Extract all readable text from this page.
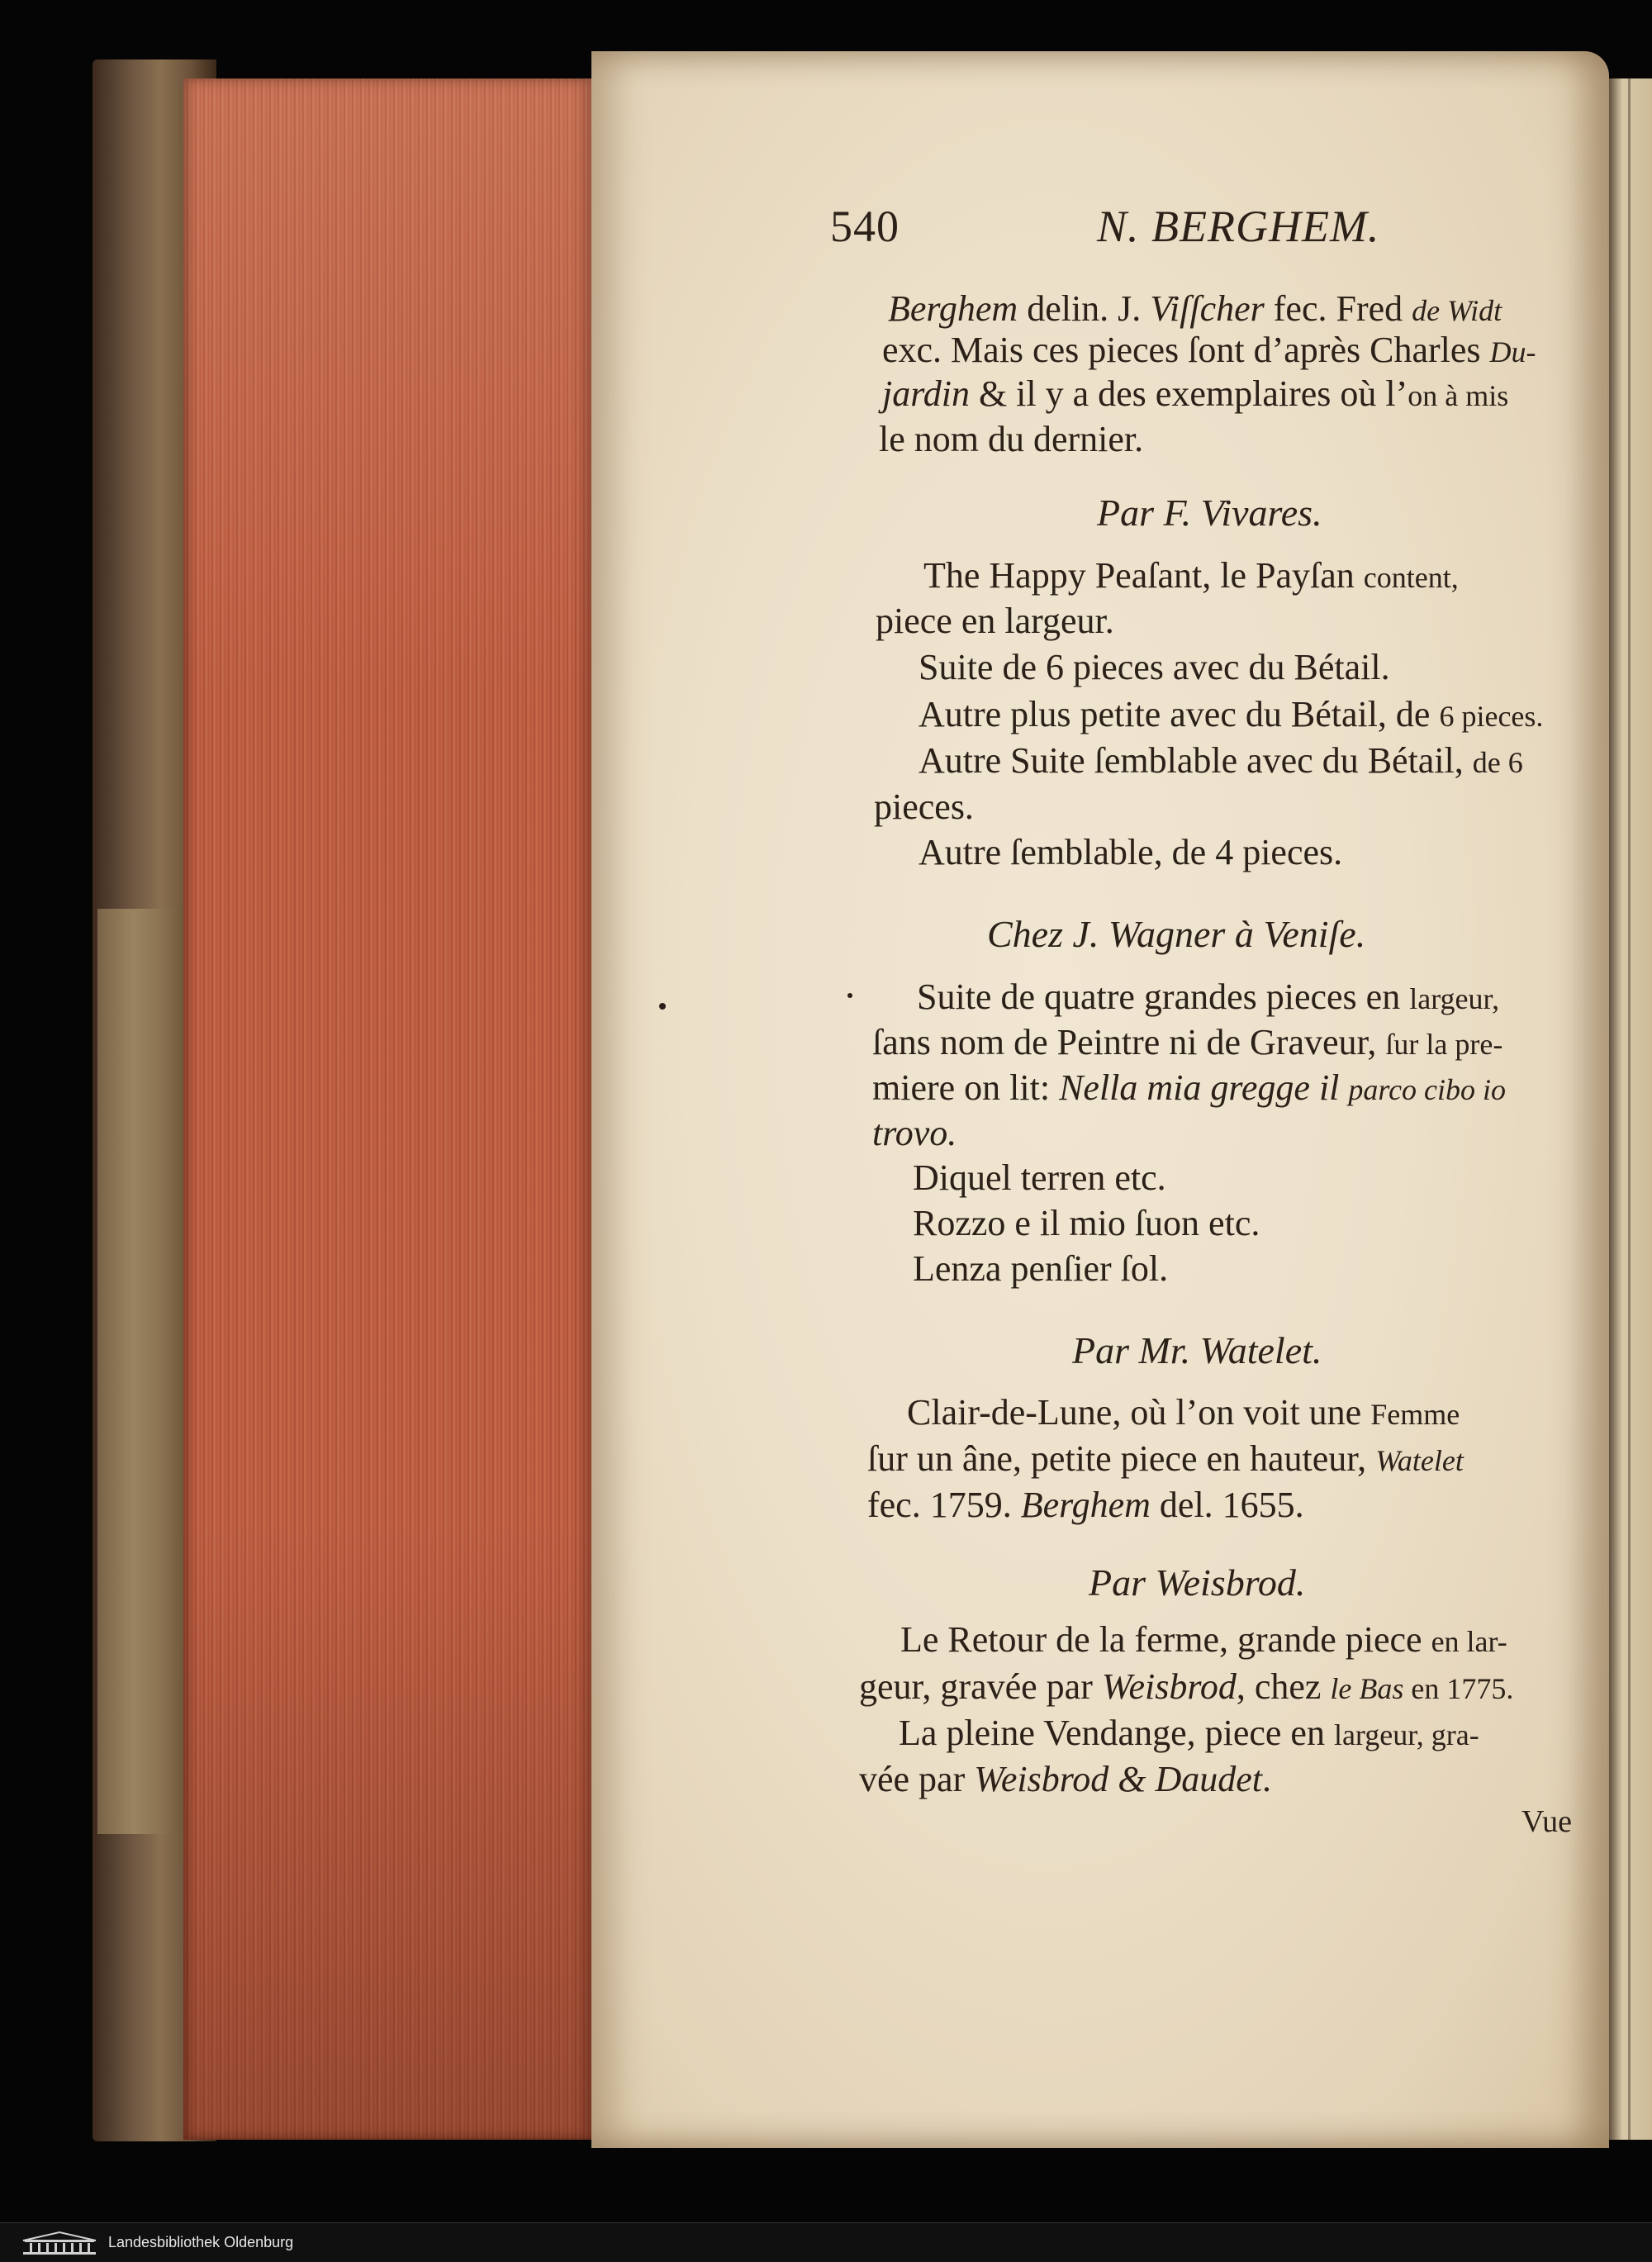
540	N. BERGHEM.
Berghem delin. J. Viſſcher fec. Fred de Widt
exc. Mais ces pieces ſont d’après Charles Du-
jardin & il y a des exemplaires où l’on à mis
le nom du dernier.
Par F. Vivares.
The Happy Peaſant, le Payſan content,
piece en largeur.
Suite de 6 pieces avec du Bétail.
Autre plus petite avec du Bétail, de 6 pieces.
Autre Suite ſemblable avec du Bétail, de 6
pieces.
Autre ſemblable, de 4 pieces.
Chez J. Wagner à Veniſe.
Suite de quatre grandes pieces en largeur,
ſans nom de Peintre ni de Graveur, ſur la pre-
miere on lit: Nella mia gregge il parco cibo io
trovo.
Diquel terren etc.
Rozzo e il mio ſuon etc.
Lenza penſier ſol.
Par Mr. Watelet.
Clair-de-Lune, où l’on voit une Femme
ſur un âne, petite piece en hauteur, Watelet
fec. 1759. Berghem del. 1655.
Par Weisbrod.
Le Retour de la ferme, grande piece en lar-
geur, gravée par Weisbrod, chez le Bas en 1775.
La pleine Vendange, piece en largeur, gra-
vée par Weisbrod & Daudet.
Vue
Landesbibliothek Oldenburg
